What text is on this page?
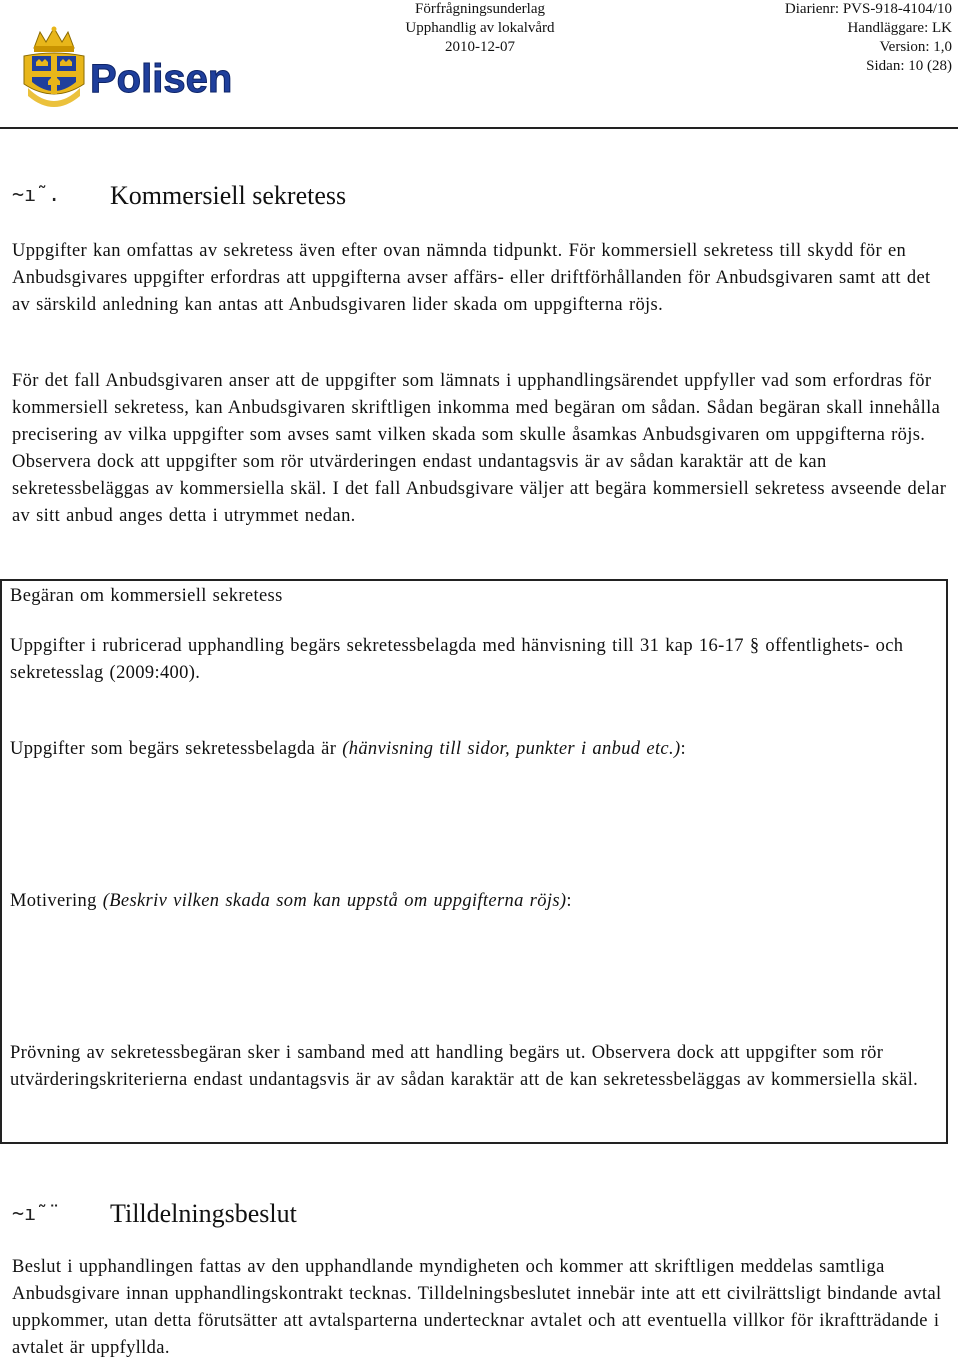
Förfrågningsunderlag
Upphandlig av lokalvård
2010-12-07
Diarienr: PVS-918-4104/10
Handläggare: LK
Version: 1,0
Sidan: 10 (28)
Polisen
~ı˜. Kommersiell sekretess

Uppgifter kan omfattas av sekretess även efter ovan nämnda tidpunkt. För kommersiell sekretess till skydd för en Anbudsgivares uppgifter erfordras att uppgifterna avser affärs- eller driftförhållanden för Anbudsgivaren samt att det av särskild anledning kan antas att Anbudsgivaren lider skada om uppgifterna röjs.

För det fall Anbudsgivaren anser att de uppgifter som lämnats i upphandlingsärendet uppfyller vad som erfordras för kommersiell sekretess, kan Anbudsgivaren skriftligen inkomma med begäran om sådan. Sådan begäran skall innehålla precisering av vilka uppgifter som avses samt vilken skada som skulle åsamkas Anbudsgivaren om uppgifterna röjs. Observera dock att uppgifter som rör utvärderingen endast undantagsvis är av sådan karaktär att de kan sekretessbeläggas av kommersiella skäl. I det fall Anbudsgivare väljer att begära kommersiell sekretess avseende delar av sitt anbud anges detta i utrymmet nedan.

Begäran om kommersiell sekretess

Uppgifter i rubricerad upphandling begärs sekretessbelagda med hänvisning till 31 kap 16-17 § offentlighets- och sekretesslag (2009:400).

Uppgifter som begärs sekretessbelagda är (hänvisning till sidor, punkter i anbud etc.):

Motivering (Beskriv vilken skada som kan uppstå om uppgifterna röjs):

Prövning av sekretessbegäran sker i samband med att handling begärs ut. Observera dock att uppgifter som rör utvärderingskriterierna endast undantagsvis är av sådan karaktär att de kan sekretessbeläggas av kommersiella skäl.

~ı˜¨ Tilldelningsbeslut

Beslut i upphandlingen fattas av den upphandlande myndigheten och kommer att skriftligen meddelas samtliga Anbudsgivare innan upphandlingskontrakt tecknas. Tilldelningsbeslutet innebär inte att ett civilrättsligt bindande avtal uppkommer, utan detta förutsätter att avtalsparterna undertecknar avtalet och att eventuella villkor för ikraftträdande i avtalet är uppfyllda.
